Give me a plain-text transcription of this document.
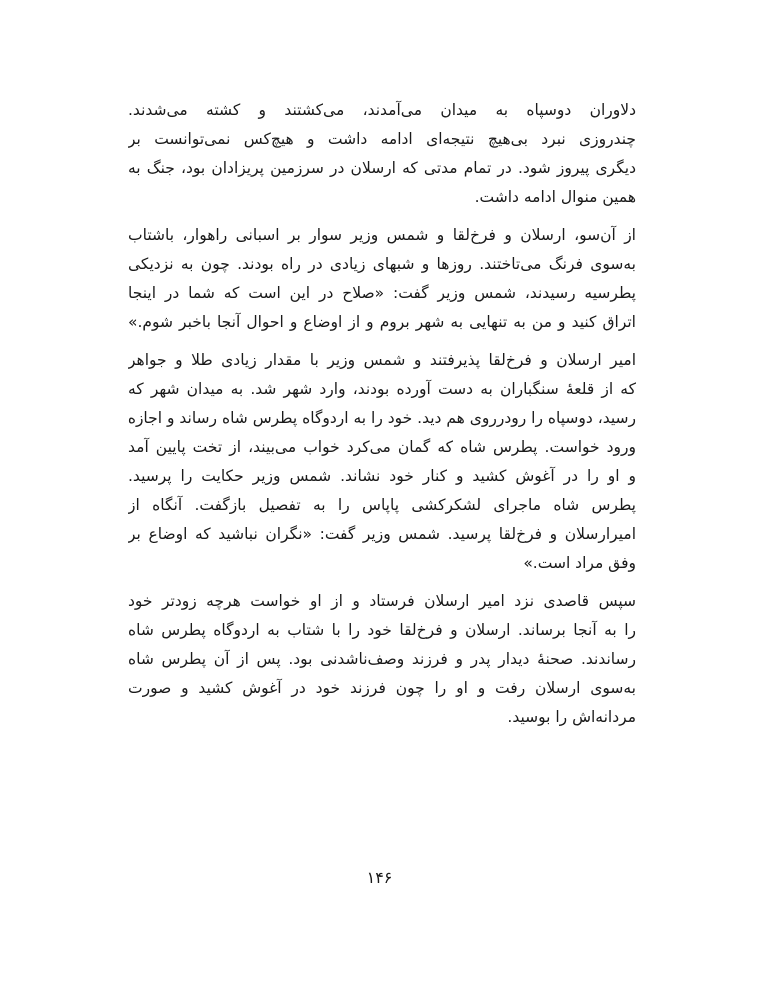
دلاوران دوسپاه به میدان می‌آمدند، می‌کشتند و کشته می‌شدند.
چندروزی نبرد بی‌هیچ نتیجه‌ای ادامه داشت و هیچ‌کس نمی‌توانست بر
دیگری پیروز شود. در تمام مدتی که ارسلان در سرزمین پریزادان بود، جنگ به
همین منوال ادامه داشت.
از آن‌سو، ارسلان و فرخ‌لقا و شمس وزیر سوار بر اسبانی راهوار، باشتاب
به‌سوی فرنگ می‌تاختند. روزها و شبهای زیادی در راه بودند. چون به نزدیکی
پطرسیه رسیدند، شمس وزیر گفت: «صلاح در این است که شما در اینجا
اتراق کنید و من به تنهایی به شهر بروم و از اوضاع و احوال آنجا باخبر شوم.»
امیر ارسلان و فرخ‌لقا پذیرفتند و شمس وزیر با مقدار زیادی طلا و جواهر
که از قلعهٔ سنگباران به دست آورده بودند، وارد شهر شد. به میدان شهر که
رسید، دوسپاه را رودرروی هم دید. خود را به اردوگاه پطرس شاه رساند و اجازه
ورود خواست. پطرس شاه که گمان می‌کرد خواب می‌بیند، از تخت پایین آمد
و او را در آغوش کشید و کنار خود نشاند. شمس وزیر حکایت را پرسید.
پطرس شاه ماجرای لشکرکشی پاپاس را به تفصیل بازگفت. آنگاه از
امیرارسلان و فرخ‌لقا پرسید. شمس وزیر گفت: «نگران نباشید که اوضاع بر
وفق مراد است.»
سپس قاصدی نزد امیر ارسلان فرستاد و از او خواست هرچه زودتر خود
را به آنجا برساند. ارسلان و فرخ‌لقا خود را با شتاب به اردوگاه پطرس شاه
رساندند. صحنهٔ دیدار پدر و فرزند وصف‌ناشدنی بود. پس از آن پطرس شاه
به‌سوی ارسلان رفت و او را چون فرزند خود در آغوش کشید و صورت
مردانه‌اش را بوسید.
۱۴۶
